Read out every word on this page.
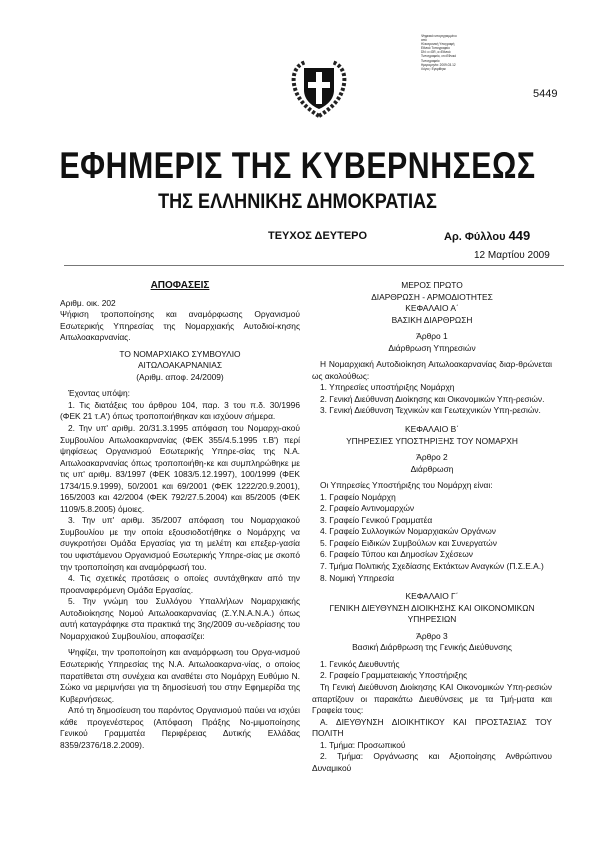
Ψηφιακά υπογεγραμμένο
από
Ηλεκτρονική Υπογραφή
Εθνικό Τυπογραφείο
DN: c=GR, o=Εθνικό
Τυπογραφείο, cn=Εθνικό
Τυπογραφείο
Ημερομηνία: 2009.03.12
Λόγος: Εγκρίθηκε
5449
ΕΦΗΜΕΡΙΣ ΤΗΣ ΚΥΒΕΡΝΗΣΕΩΣ
ΤΗΣ ΕΛΛΗΝΙΚΗΣ ΔΗΜΟΚΡΑΤΙΑΣ
ΤΕΥΧΟΣ ΔΕΥΤΕΡΟ	Αρ. Φύλλου 449
12 Μαρτίου 2009

ΑΠΟΦΑΣΕΙΣ

Αριθμ. οικ. 202

Ψήφιση τροποποίησης και αναμόρφωσης Οργανισμού Εσωτερικής Υπηρεσίας της Νομαρχιακής Αυτοδιοί-κησης Αιτωλοακαρνανίας.

ΤΟ ΝΟΜΑΡΧΙΑΚΟ ΣΥΜΒΟΥΛΙΟ

ΑΙΤΩΛΟΑΚΑΡΝΑΝΙΑΣ

(Αριθμ. αποφ. 24/2009)

Έχοντας υπόψη:

1. Τις διατάξεις του άρθρου 104, παρ. 3 του π.δ. 30/1996 (ΦΕΚ 21 τ.Α') όπως τροποποιήθηκαν και ισχύουν σήμερα.

2. Την υπ' αριθμ. 20/31.3.1995 απόφαση του Νομαρχι-ακού Συμβουλίου Αιτωλοακαρνανίας (ΦΕΚ 355/4.5.1995 τ.Β') περί ψηφίσεως Οργανισμού Εσωτερικής Υπηρε-σίας της Ν.Α. Αιτωλοακαρνανίας όπως τροποποιήθη-κε και συμπληρώθηκε με τις υπ' αριθμ. 83/1997 (ΦΕΚ 1083/5.12.1997), 100/1999 (ΦΕΚ 1734/15.9.1999), 50/2001 και 69/2001 (ΦΕΚ 1222/20.9.2001), 165/2003 και 42/2004 (ΦΕΚ 792/27.5.2004) και 85/2005 (ΦΕΚ 1109/5.8.2005) όμοιες.

3. Την υπ' αριθμ. 35/2007 απόφαση του Νομαρχιακού Συμβουλίου με την οποία εξουσιοδοτήθηκε ο Νομάρχης να συγκροτήσει Ομάδα Εργασίας για τη μελέτη και επεξερ-γασία του υφιστάμενου Οργανισμού Εσωτερικής Υπηρε-σίας με σκοπό την τροποποίηση και αναμόρφωσή του.

4. Τις σχετικές προτάσεις ο οποίες συντάχθηκαν από την προαναφερόμενη Ομάδα Εργασίας.

5. Την γνώμη του Συλλόγου Υπαλλήλων Νομαρχιακής Αυτοδιοίκησης Νομού Αιτωλοακαρνανίας (Σ.Υ.Ν.Α.Ν.Α.) όπως αυτή καταγράφηκε στα πρακτικά της 3ης/2009 συ-νεδρίασης του Νομαρχιακού Συμβουλίου, αποφασίζει:

Ψηφίζει, την τροποποίηση και αναμόρφωση του Οργα-νισμού Εσωτερικής Υπηρεσίας της Ν.Α. Αιτωλοακαρνα-νίας, ο οποίος παρατίθεται στη συνέχεια και αναθέτει στο Νομάρχη Ευθύμιο Ν. Σώκο να μεριμνήσει για τη δημοσίευσή του στην Εφημερίδα της Κυβερνήσεως.

Από τη δημοσίευση του παρόντος Οργανισμού παύει να ισχύει κάθε προγενέστερος (Απόφαση Πράξης Νο-μιμοποίησης Γενικού Γραμματέα Περιφέρειας Δυτικής Ελλάδας 8359/2376/18.2.2009).

ΜΕΡΟΣ ΠΡΩΤΟ

ΔΙΑΡΘΡΩΣΗ - ΑΡΜΟΔΙΟΤΗΤΕΣ

ΚΕΦΑΛΑΙΟ Α΄

ΒΑΣΙΚΗ ΔΙΑΡΘΡΩΣΗ

Άρθρο 1

Διάρθρωση Υπηρεσιών

Η Νομαρχιακή Αυτοδιοίκηση Αιτωλοακαρνανίας διαρ-θρώνεται ως ακολούθως:

1. Υπηρεσίες υποστήριξης Νομάρχη

2. Γενική Διεύθυνση Διοίκησης και Οικονομικών Υπη-ρεσιών.

3. Γενική Διεύθυνση Τεχνικών και Γεωτεχνικών Υπη-ρεσιών.

ΚΕΦΑΛΑΙΟ Β΄

ΥΠΗΡΕΣΙΕΣ ΥΠΟΣΤΗΡΙΞΗΣ ΤΟΥ ΝΟΜΑΡΧΗ

Άρθρο 2

Διάρθρωση

Οι Υπηρεσίες Υποστήριξης του Νομάρχη είναι:

1. Γραφείο Νομάρχη

2. Γραφείο Αντινομαρχών

3. Γραφείο Γενικού Γραμματέα

4. Γραφείο Συλλογικών Νομαρχιακών Οργάνων

5. Γραφείο Ειδικών Συμβούλων και Συνεργατών

6. Γραφείο Τύπου και Δημοσίων Σχέσεων

7. Τμήμα Πολιτικής Σχεδίασης Εκτάκτων Αναγκών (Π.Σ.Ε.Α.)

8. Νομική Υπηρεσία

ΚΕΦΑΛΑΙΟ Γ΄

ΓΕΝΙΚΗ ΔΙΕΥΘΥΝΣΗ ΔΙΟΙΚΗΣΗΣ ΚΑΙ ΟΙΚΟΝΟΜΙΚΩΝ ΥΠΗΡΕΣΙΩΝ

Άρθρο 3

Βασική Διάρθρωση της Γενικής Διεύθυνσης

1. Γενικός Διευθυντής

2. Γραφείο Γραμματειακής Υποστήριξης

Τη Γενική Διεύθυνση Διοίκησης ΚΑΙ Οικονομικών Υπη-ρεσιών απαρτίζουν οι παρακάτω Διευθύνσεις με τα Τμή-ματα και Γραφεία τους:

Α. ΔΙΕΥΘΥΝΣΗ ΔΙΟΙΚΗΤΙΚΟΥ ΚΑΙ ΠΡΟΣΤΑΣΙΑΣ ΤΟΥ ΠΟΛΙΤΗ

1. Τμήμα: Προσωπικού

2. Τμήμα: Οργάνωσης και Αξιοποίησης Ανθρώπινου Δυναμικού
